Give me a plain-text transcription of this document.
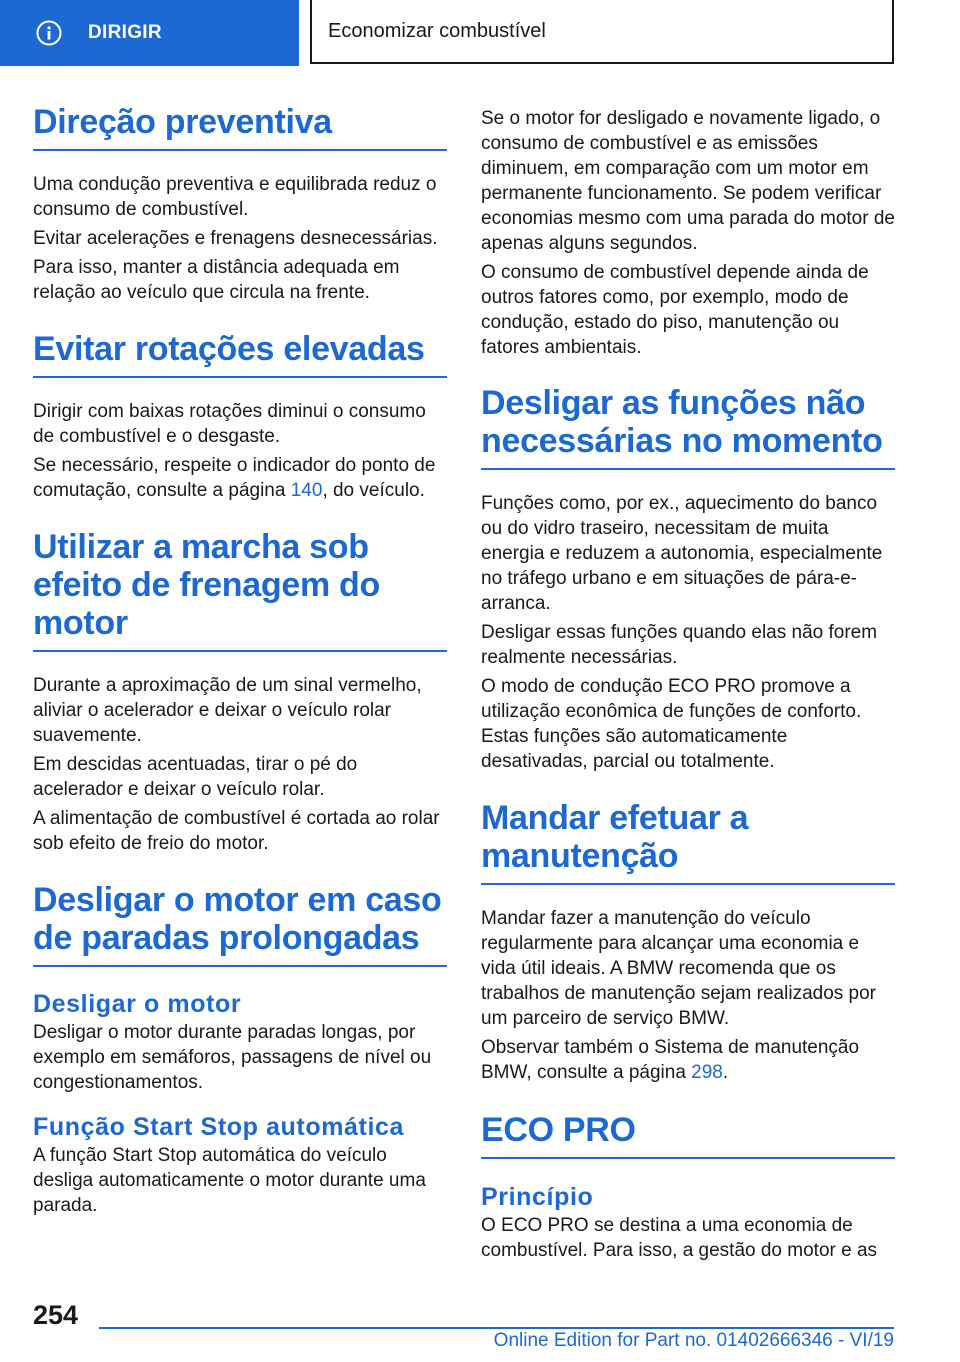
DIRIGIR	Economizar combustível
Direção preventiva

Uma condução preventiva e equilibrada reduz o consumo de combustível.

Evitar acelerações e frenagens desnecessárias.

Para isso, manter a distância adequada em relação ao veículo que circula na frente.

Evitar rotações elevadas

Dirigir com baixas rotações diminui o consumo de combustível e o desgaste.

Se necessário, respeite o indicador do ponto de comutação, consulte a página 140, do veículo.

Utilizar a marcha sob efeito de frenagem do motor

Durante a aproximação de um sinal vermelho, aliviar o acelerador e deixar o veículo rolar suavemente.

Em descidas acentuadas, tirar o pé do acelerador e deixar o veículo rolar.

A alimentação de combustível é cortada ao rolar sob efeito de freio do motor.

Desligar o motor em caso de paradas prolongadas
Desligar o motor

Desligar o motor durante paradas longas, por exemplo em semáforos, passagens de nível ou congestionamentos.

Função Start Stop automática

A função Start Stop automática do veículo desliga automaticamente o motor durante uma parada.

Se o motor for desligado e novamente ligado, o consumo de combustível e as emissões diminuem, em comparação com um motor em permanente funcionamento. Se podem verificar economias mesmo com uma parada do motor de apenas alguns segundos.

O consumo de combustível depende ainda de outros fatores como, por exemplo, modo de condução, estado do piso, manutenção ou fatores ambientais.

Desligar as funções não necessárias no momento

Funções como, por ex., aquecimento do banco ou do vidro traseiro, necessitam de muita energia e reduzem a autonomia, especialmente no tráfego urbano e em situações de pára-e-arranca.

Desligar essas funções quando elas não forem realmente necessárias.

O modo de condução ECO PRO promove a utilização econômica de funções de conforto. Estas funções são automaticamente desativadas, parcial ou totalmente.

Mandar efetuar a manutenção

Mandar fazer a manutenção do veículo regularmente para alcançar uma economia e vida útil ideais. A BMW recomenda que os trabalhos de manutenção sejam realizados por um parceiro de serviço BMW.

Observar também o Sistema de manutenção BMW, consulte a página 298.

ECO PRO
Princípio

O ECO PRO se destina a uma economia de combustível. Para isso, a gestão do motor e as

254
Online Edition for Part no. 01402666346 - VI/19
